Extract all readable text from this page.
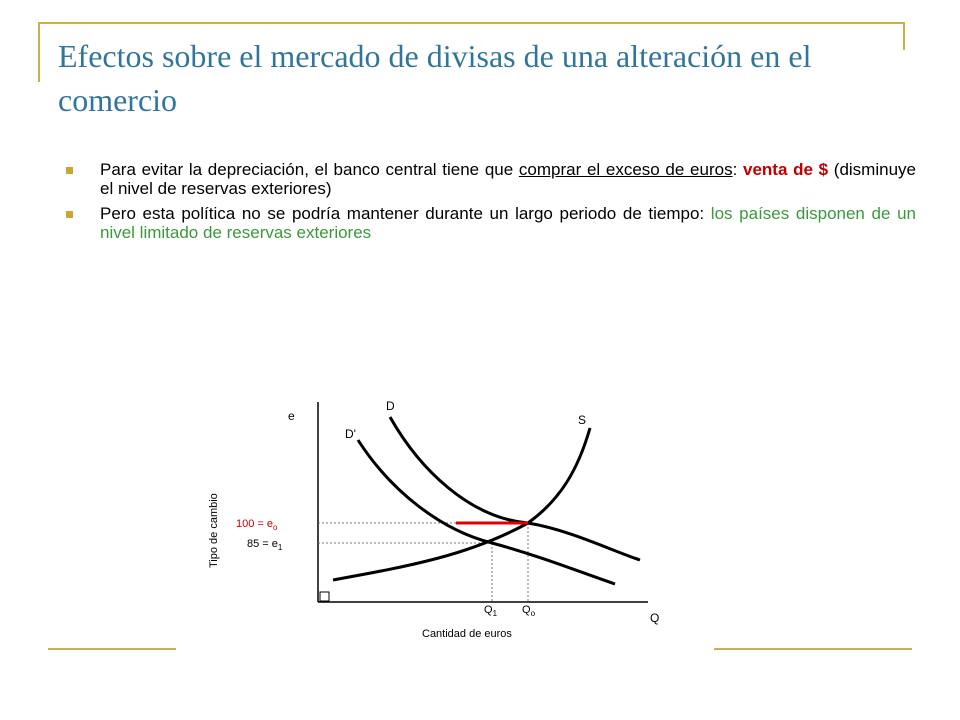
Efectos sobre el mercado de divisas de una alteración en el comercio
Para evitar la depreciación, el banco central tiene que comprar el exceso de euros: venta de $ (disminuye el nivel de reservas exteriores)
Pero esta política no se podría mantener durante un largo periodo de tiempo: los países disponen de un nivel limitado de reservas exteriores
e
Q
D
D'
S
$100 = e_o$
$85 = e_1$
$Q_1$ $Q_o$
Cantidad de euros
Tipo de cambio
